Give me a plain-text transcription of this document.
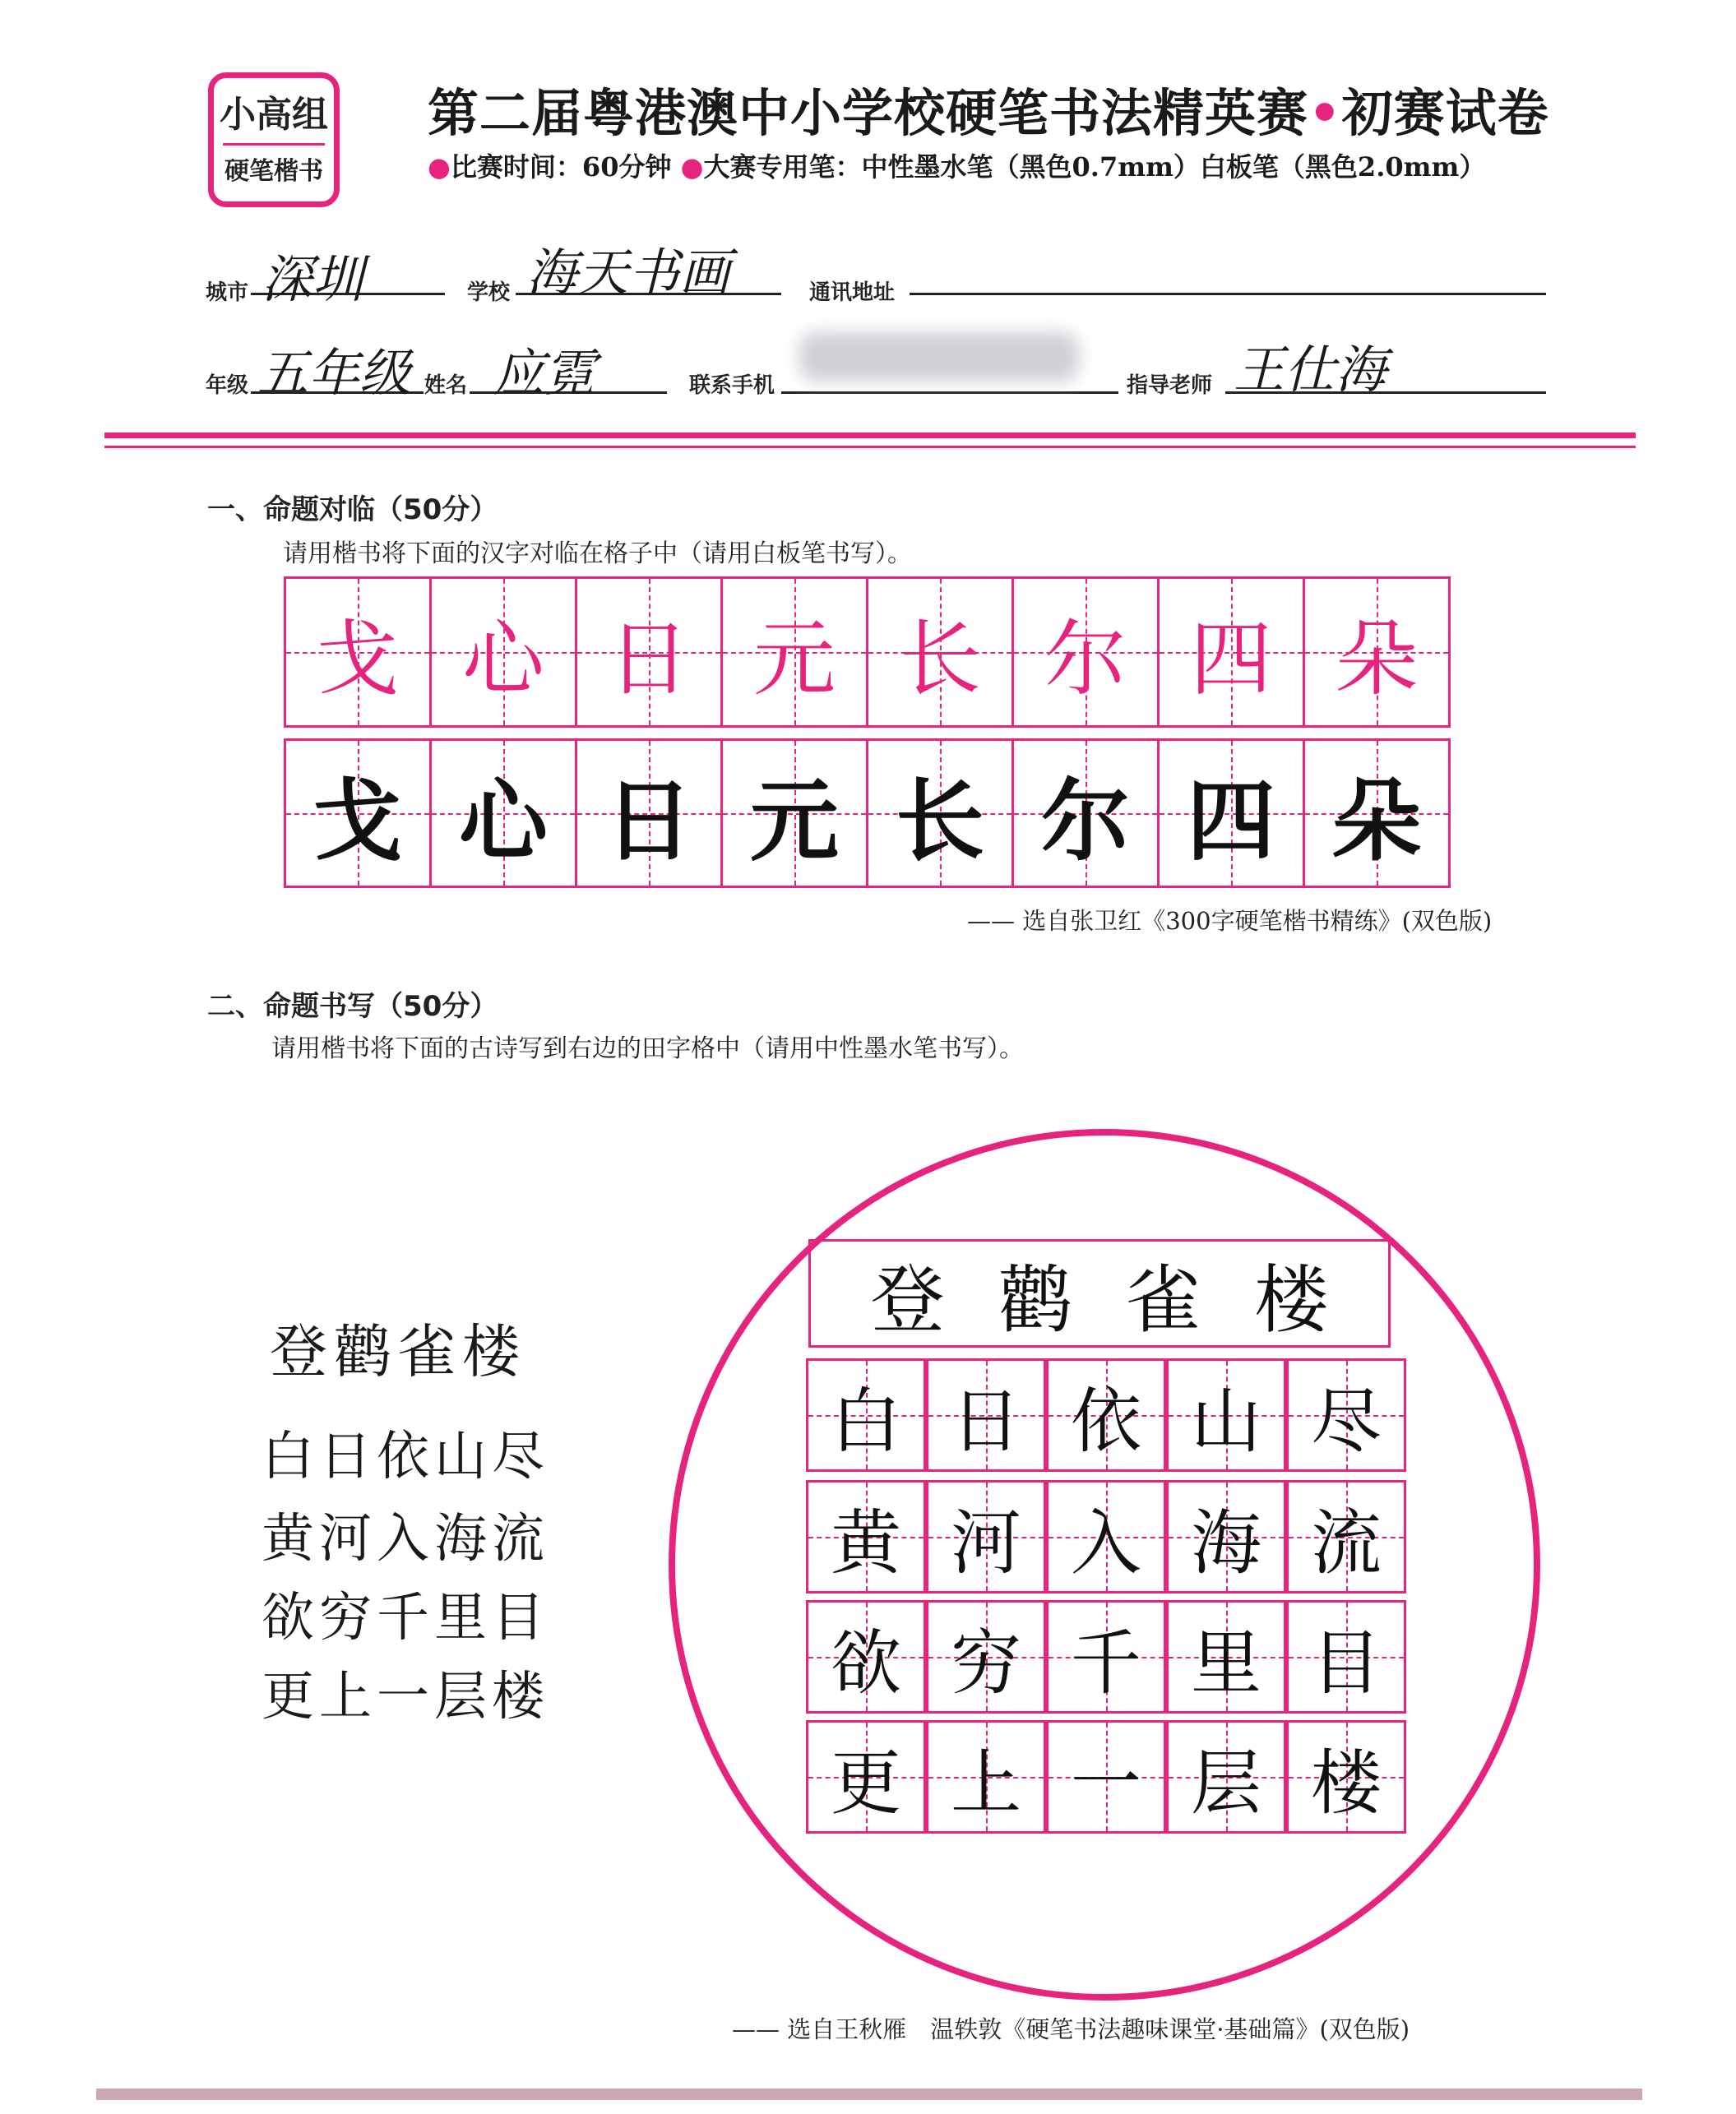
小高组
硬笔楷书
第二届粤港澳中小学校硬笔书法精英赛•初赛试卷
●比赛时间：60分钟 ●大赛专用笔：中性墨水笔（黑色0.7mm）白板笔（黑色2.0mm）
城市 深圳	学校 海天书画	通讯地址
年级 五年级 姓名 应霓	联系手机	指导老师 王仕海
一、命题对临（50分）
请用楷书将下面的汉字对临在格子中（请用白板笔书写）。
戈 心 日 元 长 尔 四 朵
戈 心 日 元 长 尔 四 朵
—— 选自张卫红《300字硬笔楷书精练》(双色版)
二、命题书写（50分）
请用楷书将下面的古诗写到右边的田字格中（请用中性墨水笔书写）。
登鹳雀楼
白日依山尽
黄河入海流
欲穷千里目
更上一层楼
登 鹳 雀 楼
白 日 依 山 尽
黄 河 入 海 流
欲 穷 千 里 目
更 上 一 层 楼
—— 选自王秋雁　温轶敦《硬笔书法趣味课堂·基础篇》(双色版)
